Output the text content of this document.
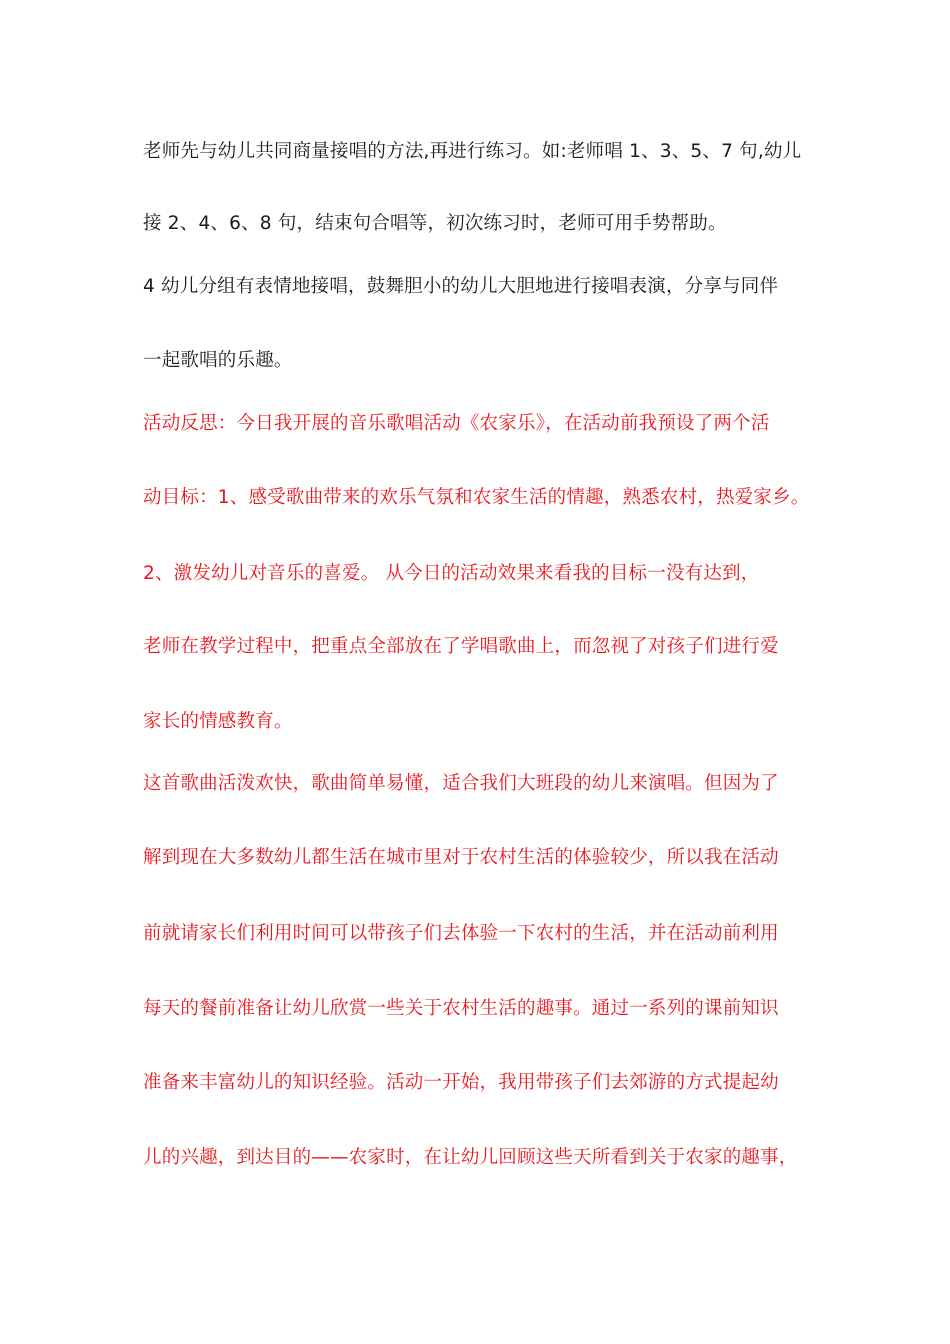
老师先与幼儿共同商量接唱的方法,再进行练习。如:老师唱 1、3、5、7 句,幼儿
接 2、4、6、8 句，结束句合唱等，初次练习时，老师可用手势帮助。
4 幼儿分组有表情地接唱，鼓舞胆小的幼儿大胆地进行接唱表演，分享与同伴
一起歌唱的乐趣。
活动反思：今日我开展的音乐歌唱活动《农家乐》，在活动前我预设了两个活
动目标：1、感受歌曲带来的欢乐气氛和农家生活的情趣，熟悉农村，热爱家乡。
2、激发幼儿对音乐的喜爱。 从今日的活动效果来看我的目标一没有达到，
老师在教学过程中，把重点全部放在了学唱歌曲上，而忽视了对孩子们进行爱
家长的情感教育。
这首歌曲活泼欢快，歌曲简单易懂，适合我们大班段的幼儿来演唱。但因为了
解到现在大多数幼儿都生活在城市里对于农村生活的体验较少，所以我在活动
前就请家长们利用时间可以带孩子们去体验一下农村的生活，并在活动前利用
每天的餐前准备让幼儿欣赏一些关于农村生活的趣事。通过一系列的课前知识
准备来丰富幼儿的知识经验。活动一开始，我用带孩子们去郊游的方式提起幼
儿的兴趣，到达目的——农家时，在让幼儿回顾这些天所看到关于农家的趣事，
